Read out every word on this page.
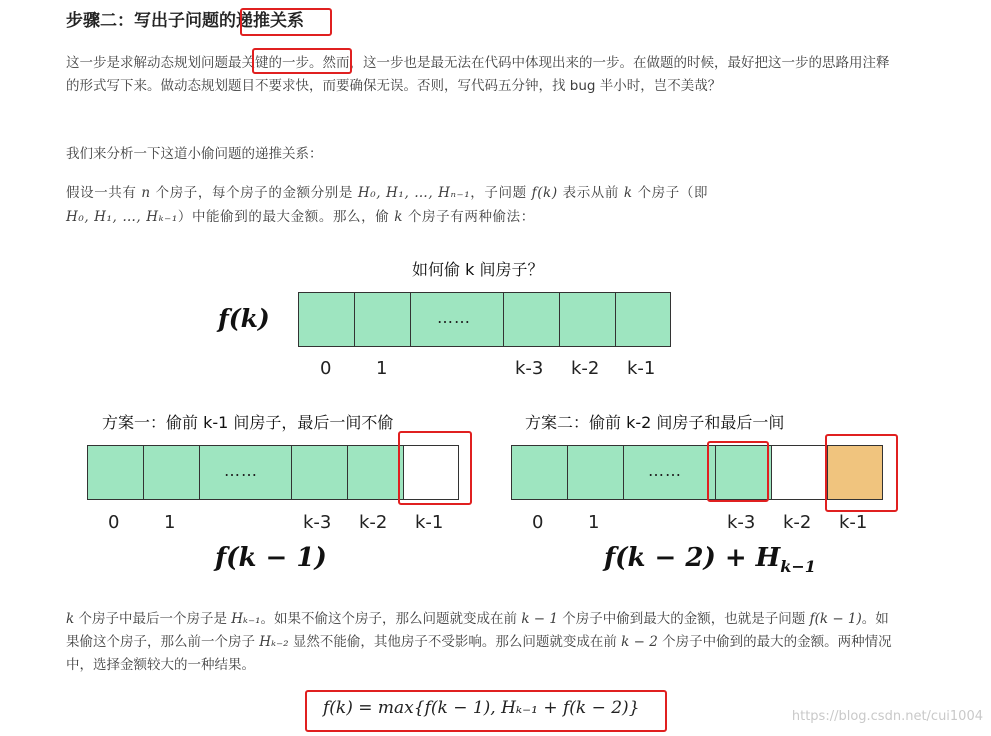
步骤二：写出子问题的递推关系
这一步是求解动态规划问题最关键的一步。然而，这一步也是最无法在代码中体现出来的一步。在做题的时候，最好把这一步的思路用注释的形式写下来。做动态规划题目不要求快，而要确保无误。否则，写代码五分钟，找 bug 半小时，岂不美哉？
我们来分析一下这道小偷问题的递推关系：
假设一共有 n 个房子，每个房子的金额分别是 H₀, H₁, …, Hₙ₋₁，子问题 f(k) 表示从前 k 个房子（即
H₀, H₁, …, Hₖ₋₁）中能偷到的最大金额。那么，偷 k 个房子有两种偷法：
如何偷 k 间房子？
f(k)	……
0 1	k-3 k-2 k-1
方案一：偷前 k-1 间房子，最后一间不偷
……
0 1	k-3 k-2 k-1
f(k − 1)
方案二：偷前 k-2 间房子和最后一间
……
0 1	k-3 k-2 k-1
$f(k - 2) + H_{k-1}$
k 个房子中最后一个房子是 Hₖ₋₁。如果不偷这个房子，那么问题就变成在前 k − 1 个房子中偷到最大的金额，也就是子问题 f(k − 1)。如果偷这个房子，那么前一个房子 Hₖ₋₂ 显然不能偷，其他房子不受影响。那么问题就变成在前 k − 2 个房子中偷到的最大的金额。两种情况中，选择金额较大的一种结果。
f(k) = max{f(k − 1), Hₖ₋₁ + f(k − 2)}	https://blog.csdn.net/cui1004
